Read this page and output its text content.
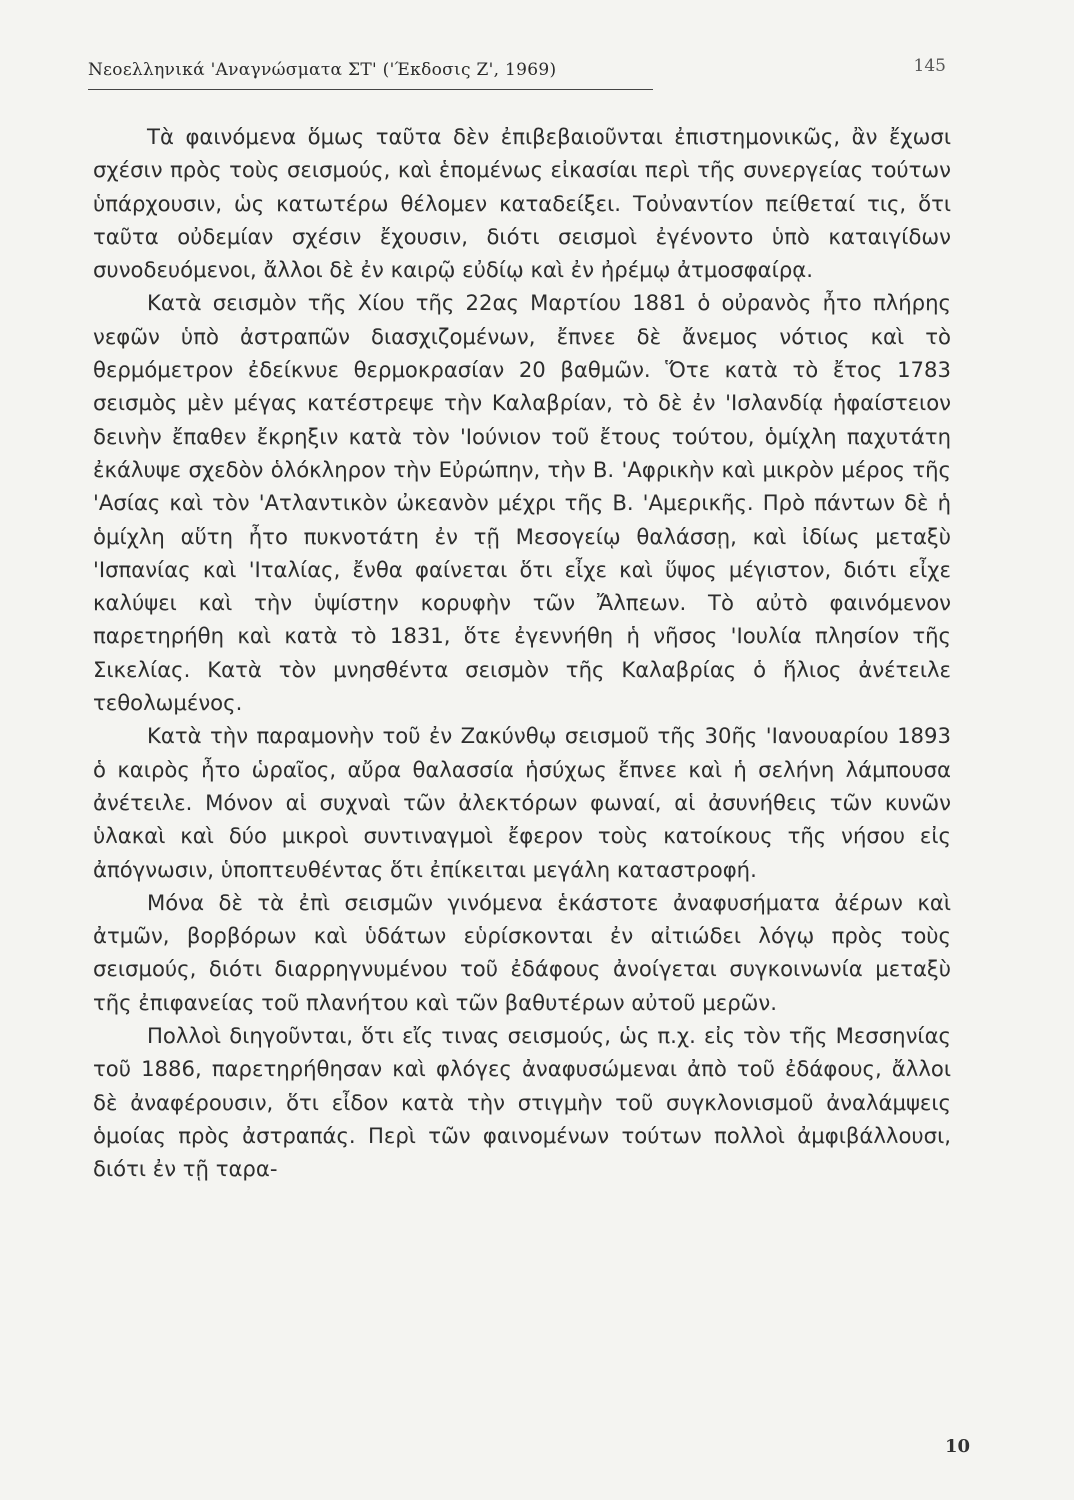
Νεοελληνικά 'Αναγνώσματα ΣΤ' ('Έκδοσις Ζ', 1969)	145

Τὰ φαινόμενα ὅμως ταῦτα δὲν ἐπιβεβαιοῦνται ἐπιστημονικῶς, ἂν ἔχωσι σχέσιν πρὸς τοὺς σεισμούς, καὶ ἑπομένως εἰκασίαι περὶ τῆς συνεργείας τούτων ὑπάρχουσιν, ὡς κατωτέρω θέλομεν καταδείξει. Τοὐναντίον πείθεταί τις, ὅτι ταῦτα οὐδεμίαν σχέσιν ἔχουσιν, διότι σεισμοὶ ἐγένοντο ὑπὸ καταιγίδων συνοδευόμενοι, ἄλλοι δὲ ἐν καιρῷ εὐδίῳ καὶ ἐν ἠρέμῳ ἀτμοσφαίρᾳ.

Κατὰ σεισμὸν τῆς Χίου τῆς 22ας Μαρτίου 1881 ὁ οὐρανὸς ἦτο πλήρης νεφῶν ὑπὸ ἀστραπῶν διασχιζομένων, ἔπνεε δὲ ἄνεμος νότιος καὶ τὸ θερμόμετρον ἐδείκνυε θερμοκρασίαν 20 βαθμῶν. Ὅτε κατὰ τὸ ἔτος 1783 σεισμὸς μὲν μέγας κατέστρεψε τὴν Καλαβρίαν, τὸ δὲ ἐν 'Ισλανδίᾳ ἡφαίστειον δεινὴν ἔπαθεν ἔκρηξιν κατὰ τὸν 'Ιούνιον τοῦ ἔτους τούτου, ὁμίχλη παχυτάτη ἐκάλυψε σχεδὸν ὁλόκληρον τὴν Εὐρώπην, τὴν Β. 'Αφρικὴν καὶ μικρὸν μέρος τῆς 'Ασίας καὶ τὸν 'Ατλαντικὸν ὠκεανὸν μέχρι τῆς Β. 'Αμερικῆς. Πρὸ πάντων δὲ ἡ ὁμίχλη αὕτη ἦτο πυκνοτάτη ἐν τῇ Μεσογείῳ θαλάσσῃ, καὶ ἰδίως μεταξὺ 'Ισπανίας καὶ 'Ιταλίας, ἔνθα φαίνεται ὅτι εἶχε καὶ ὕψος μέγιστον, διότι εἶχε καλύψει καὶ τὴν ὑψίστην κορυφὴν τῶν Ἄλπεων. Τὸ αὐτὸ φαινόμενον παρετηρήθη καὶ κατὰ τὸ 1831, ὅτε ἐγεννήθη ἡ νῆσος 'Ιουλία πλησίον τῆς Σικελίας. Κατὰ τὸν μνησθέντα σεισμὸν τῆς Καλαβρίας ὁ ἥλιος ἀνέτειλε τεθολωμένος.

Κατὰ τὴν παραμονὴν τοῦ ἐν Ζακύνθῳ σεισμοῦ τῆς 30ῆς 'Ιανουαρίου 1893 ὁ καιρὸς ἦτο ὡραῖος, αὔρα θαλασσία ἡσύχως ἔπνεε καὶ ἡ σελήνη λάμπουσα ἀνέτειλε. Μόνον αἱ συχναὶ τῶν ἀλεκτόρων φωναί, αἱ ἀσυνήθεις τῶν κυνῶν ὑλακαὶ καὶ δύο μικροὶ συντιναγμοὶ ἔφερον τοὺς κατοίκους τῆς νήσου εἰς ἀπόγνωσιν, ὑποπτευθέντας ὅτι ἐπίκειται μεγάλη καταστροφή.

Μόνα δὲ τὰ ἐπὶ σεισμῶν γινόμενα ἑκάστοτε ἀναφυσήματα ἀέρων καὶ ἀτμῶν, βορβόρων καὶ ὑδάτων εὑρίσκονται ἐν αἰτιώδει λόγῳ πρὸς τοὺς σεισμούς, διότι διαρρηγνυμένου τοῦ ἐδάφους ἀνοίγεται συγκοινωνία μεταξὺ τῆς ἐπιφανείας τοῦ πλανήτου καὶ τῶν βαθυτέρων αὐτοῦ μερῶν.

Πολλοὶ διηγοῦνται, ὅτι εἴς τινας σεισμούς, ὡς π.χ. εἰς τὸν τῆς Μεσσηνίας τοῦ 1886, παρετηρήθησαν καὶ φλόγες ἀναφυσώμεναι ἀπὸ τοῦ ἐδάφους, ἄλλοι δὲ ἀναφέρουσιν, ὅτι εἶδον κατὰ τὴν στιγμὴν τοῦ συγκλονισμοῦ ἀναλάμψεις ὁμοίας πρὸς ἀστραπάς. Περὶ τῶν φαινομένων τούτων πολλοὶ ἀμφιβάλλουσι, διότι ἐν τῇ ταρα-

10
